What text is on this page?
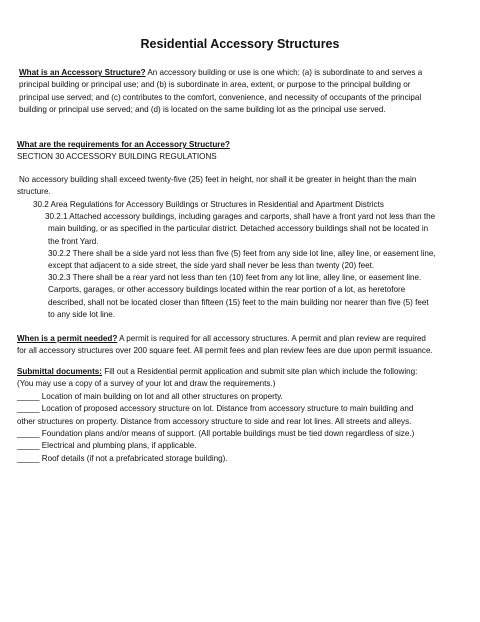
Residential Accessory Structures
What is an Accessory Structure? An accessory building or use is one which: (a) is subordinate to and serves a
principal building or principal use; and (b) is subordinate in area, extent, or purpose to the principal building or
principal use served; and (c) contributes to the comfort, convenience, and necessity of occupants of the principal
building or principal use served; and (d) is located on the same building lot as the principal use served.
What are the requirements for an Accessory Structure?
SECTION 30 ACCESSORY BUILDING REGULATIONS
No accessory building shall exceed twenty-five (25) feet in height, nor shall it be greater in height than the main
structure.
30.2 Area Regulations for Accessory Buildings or Structures in Residential and Apartment Districts
30.2.1 Attached accessory buildings, including garages and carports, shall have a front yard not less than the
main building, or as specified in the particular district. Detached accessory buildings shall not be located in
the front Yard.
30.2.2 There shall be a side yard not less than five (5) feet from any side lot line, alley line, or easement line,
except that adjacent to a side street, the side yard shall never be less than twenty (20) feet.
30.2.3 There shall be a rear yard not less than ten (10) feet from any lot line, alley line, or easement line.
Carports, garages, or other accessory buildings located within the rear portion of a lot, as heretofore
described, shall not be located closer than fifteen (15) feet to the main building nor nearer than five (5) feet
to any side lot line.
When is a permit needed? A permit is required for all accessory structures. A permit and plan review are required
for all accessory structures over 200 square feet. All permit fees and plan review fees are due upon permit issuance.
Submittal documents: Fill out a Residential permit application and submit site plan which include the following:
(You may use a copy of a survey of your lot and draw the requirements.)
_____ Location of main building on lot and all other structures on property.
_____ Location of proposed accessory structure on lot. Distance from accessory structure to main building and
other structures on property. Distance from accessory structure to side and rear lot lines. All streets and alleys.
_____ Foundation plans and/or means of support. (All portable buildings must be tied down regardless of size.)
_____ Electrical and plumbing plans, if applicable.
_____ Roof details (if not a prefabricated storage building).
